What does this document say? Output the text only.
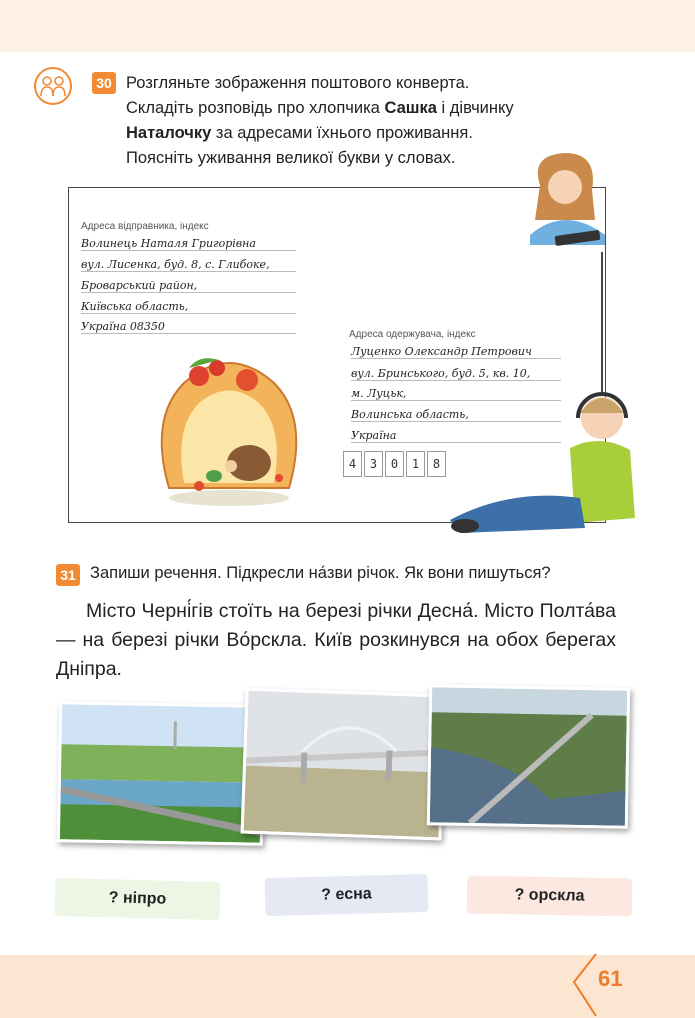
30 Розгляньте зображення поштового конверта.
Складіть розповідь про хлопчика Сашка і дівчинку
Наталочку за адресами їхнього проживання.
Поясніть уживання великої букви у словах.
Адреса відправника, індекс
Волинець Наталя Григорівна
вул. Лисенка, буд. 8, с. Глибоке,
Броварський район,
Київська область,
Україна 08350
Адреса одержувача, індекс
Луценко Олександр Петрович
вул. Бринського, буд. 5, кв. 10,
м. Луцьк,
Волинська область,
Україна
4	3	0	1	8
31 Запиши речення. Підкресли на́зви річок. Як вони пишуться?
Місто Черні́гів стоїть на березі річки Десна́. Місто Полта́ва — на березі річки Во́рскла. Київ розкинувся на обох берегах Дніпра.
? ніпро	? есна	? орскла
61
